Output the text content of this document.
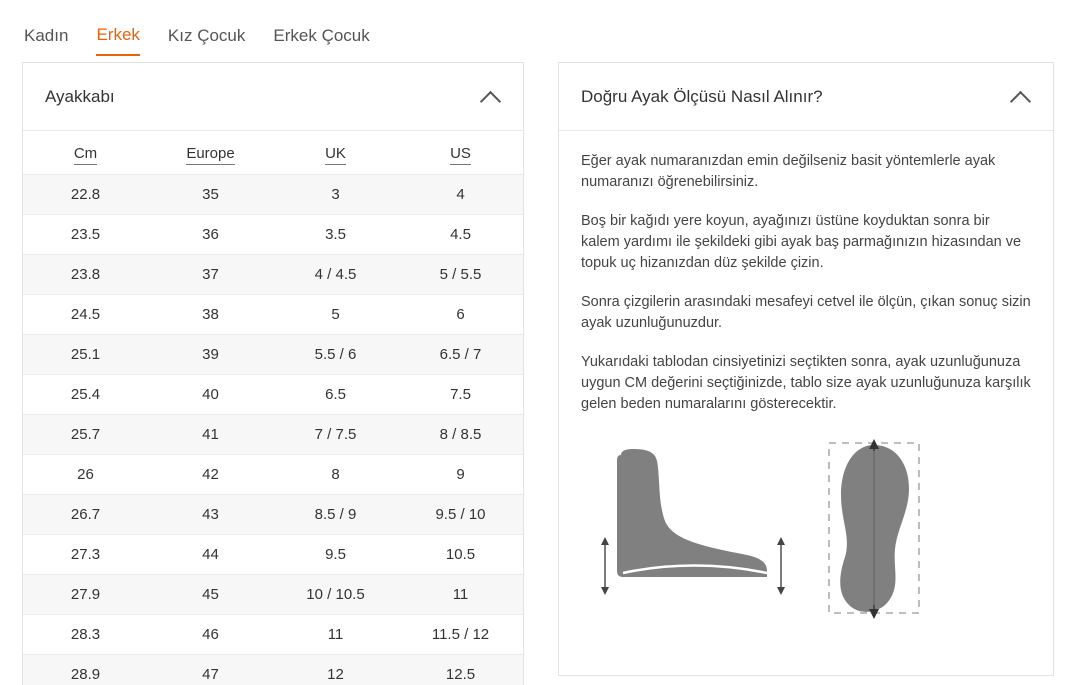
Kadın Erkek Kız Çocuk Erkek Çocuk
Ayakkabı
Cm	Europe	UK	US
22.8	35	3	4
23.5	36	3.5	4.5
23.8	37	4 / 4.5	5 / 5.5
24.5	38	5	6
25.1	39	5.5 / 6	6.5 / 7
25.4	40	6.5	7.5
25.7	41	7 / 7.5	8 / 8.5
26	42	8	9
26.7	43	8.5 / 9	9.5 / 10
27.3	44	9.5	10.5
27.9	45	10 / 10.5	11
28.3	46	11	11.5 / 12
28.9	47	12	12.5
Doğru Ayak Ölçüsü Nasıl Alınır?

Eğer ayak numaranızdan emin değilseniz basit yöntemlerle ayak numaranızı öğrenebilirsiniz.

Boş bir kağıdı yere koyun, ayağınızı üstüne koyduktan sonra bir kalem yardımı ile şekildeki gibi ayak baş parmağınızın hizasından ve topuk uç hizanızdan düz şekilde çizin.

Sonra çizgilerin arasındaki mesafeyi cetvel ile ölçün, çıkan sonuç sizin ayak uzunluğunuzdur.

Yukarıdaki tablodan cinsiyetinizi seçtikten sonra, ayak uzunluğunuza uygun CM değerini seçtiğinizde, tablo size ayak uzunluğunuza karşılık gelen beden numaralarını gösterecektir.
